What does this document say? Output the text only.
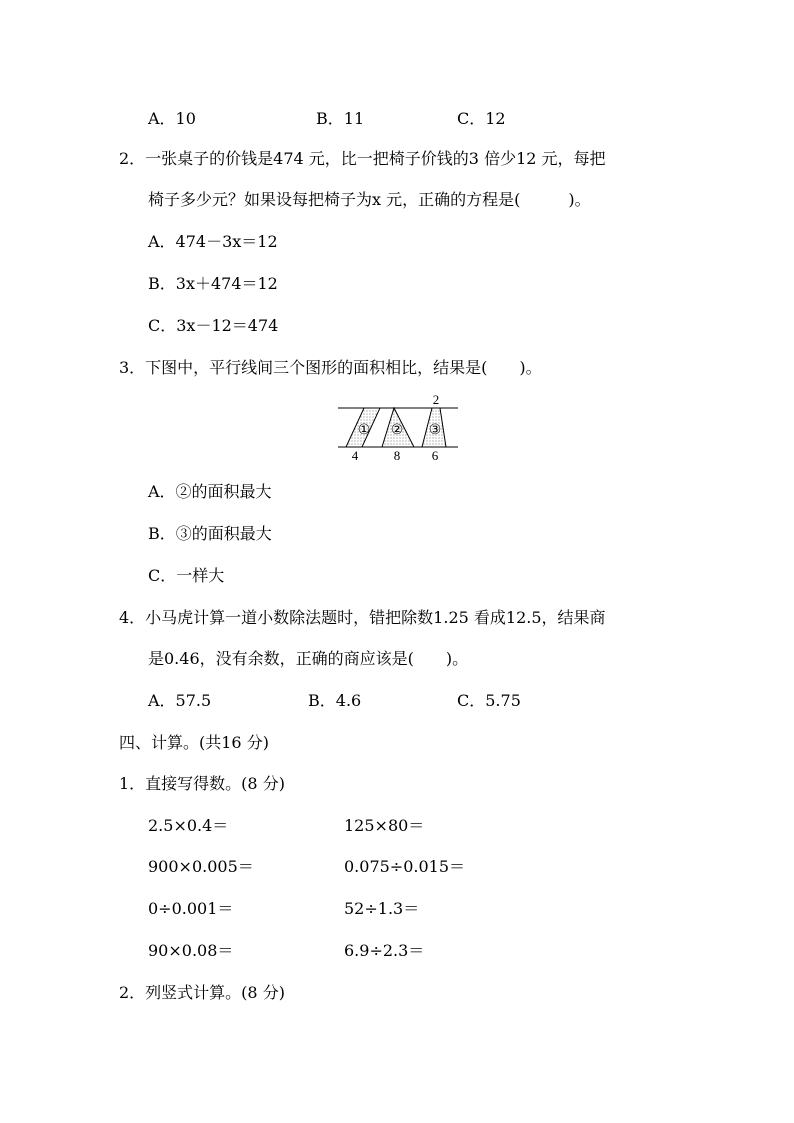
A．10	B．11	C．12
2．一张桌子的价钱是474 元，比一把椅子价钱的3 倍少12 元，每把
椅子多少元？如果设每把椅子为x 元，正确的方程是(　　　)。
A．474－3x＝12
B．3x＋474＝12
C．3x－12＝474
3．下图中，平行线间三个图形的面积相比，结果是(　　)。
2
① ② ③
4	8 6
A．②的面积最大
B．③的面积最大
C．一样大
4．小马虎计算一道小数除法题时，错把除数1.25 看成12.5，结果商
是0.46，没有余数，正确的商应该是(　　)。
A．57.5	B．4.6	C．5.75
四、计算。(共16 分)
1．直接写得数。(8 分)
2.5×0.4＝	125×80＝
900×0.005＝	0.075÷0.015＝
0÷0.001＝	52÷1.3＝
90×0.08＝	6.9÷2.3＝
2．列竖式计算。(8 分)
